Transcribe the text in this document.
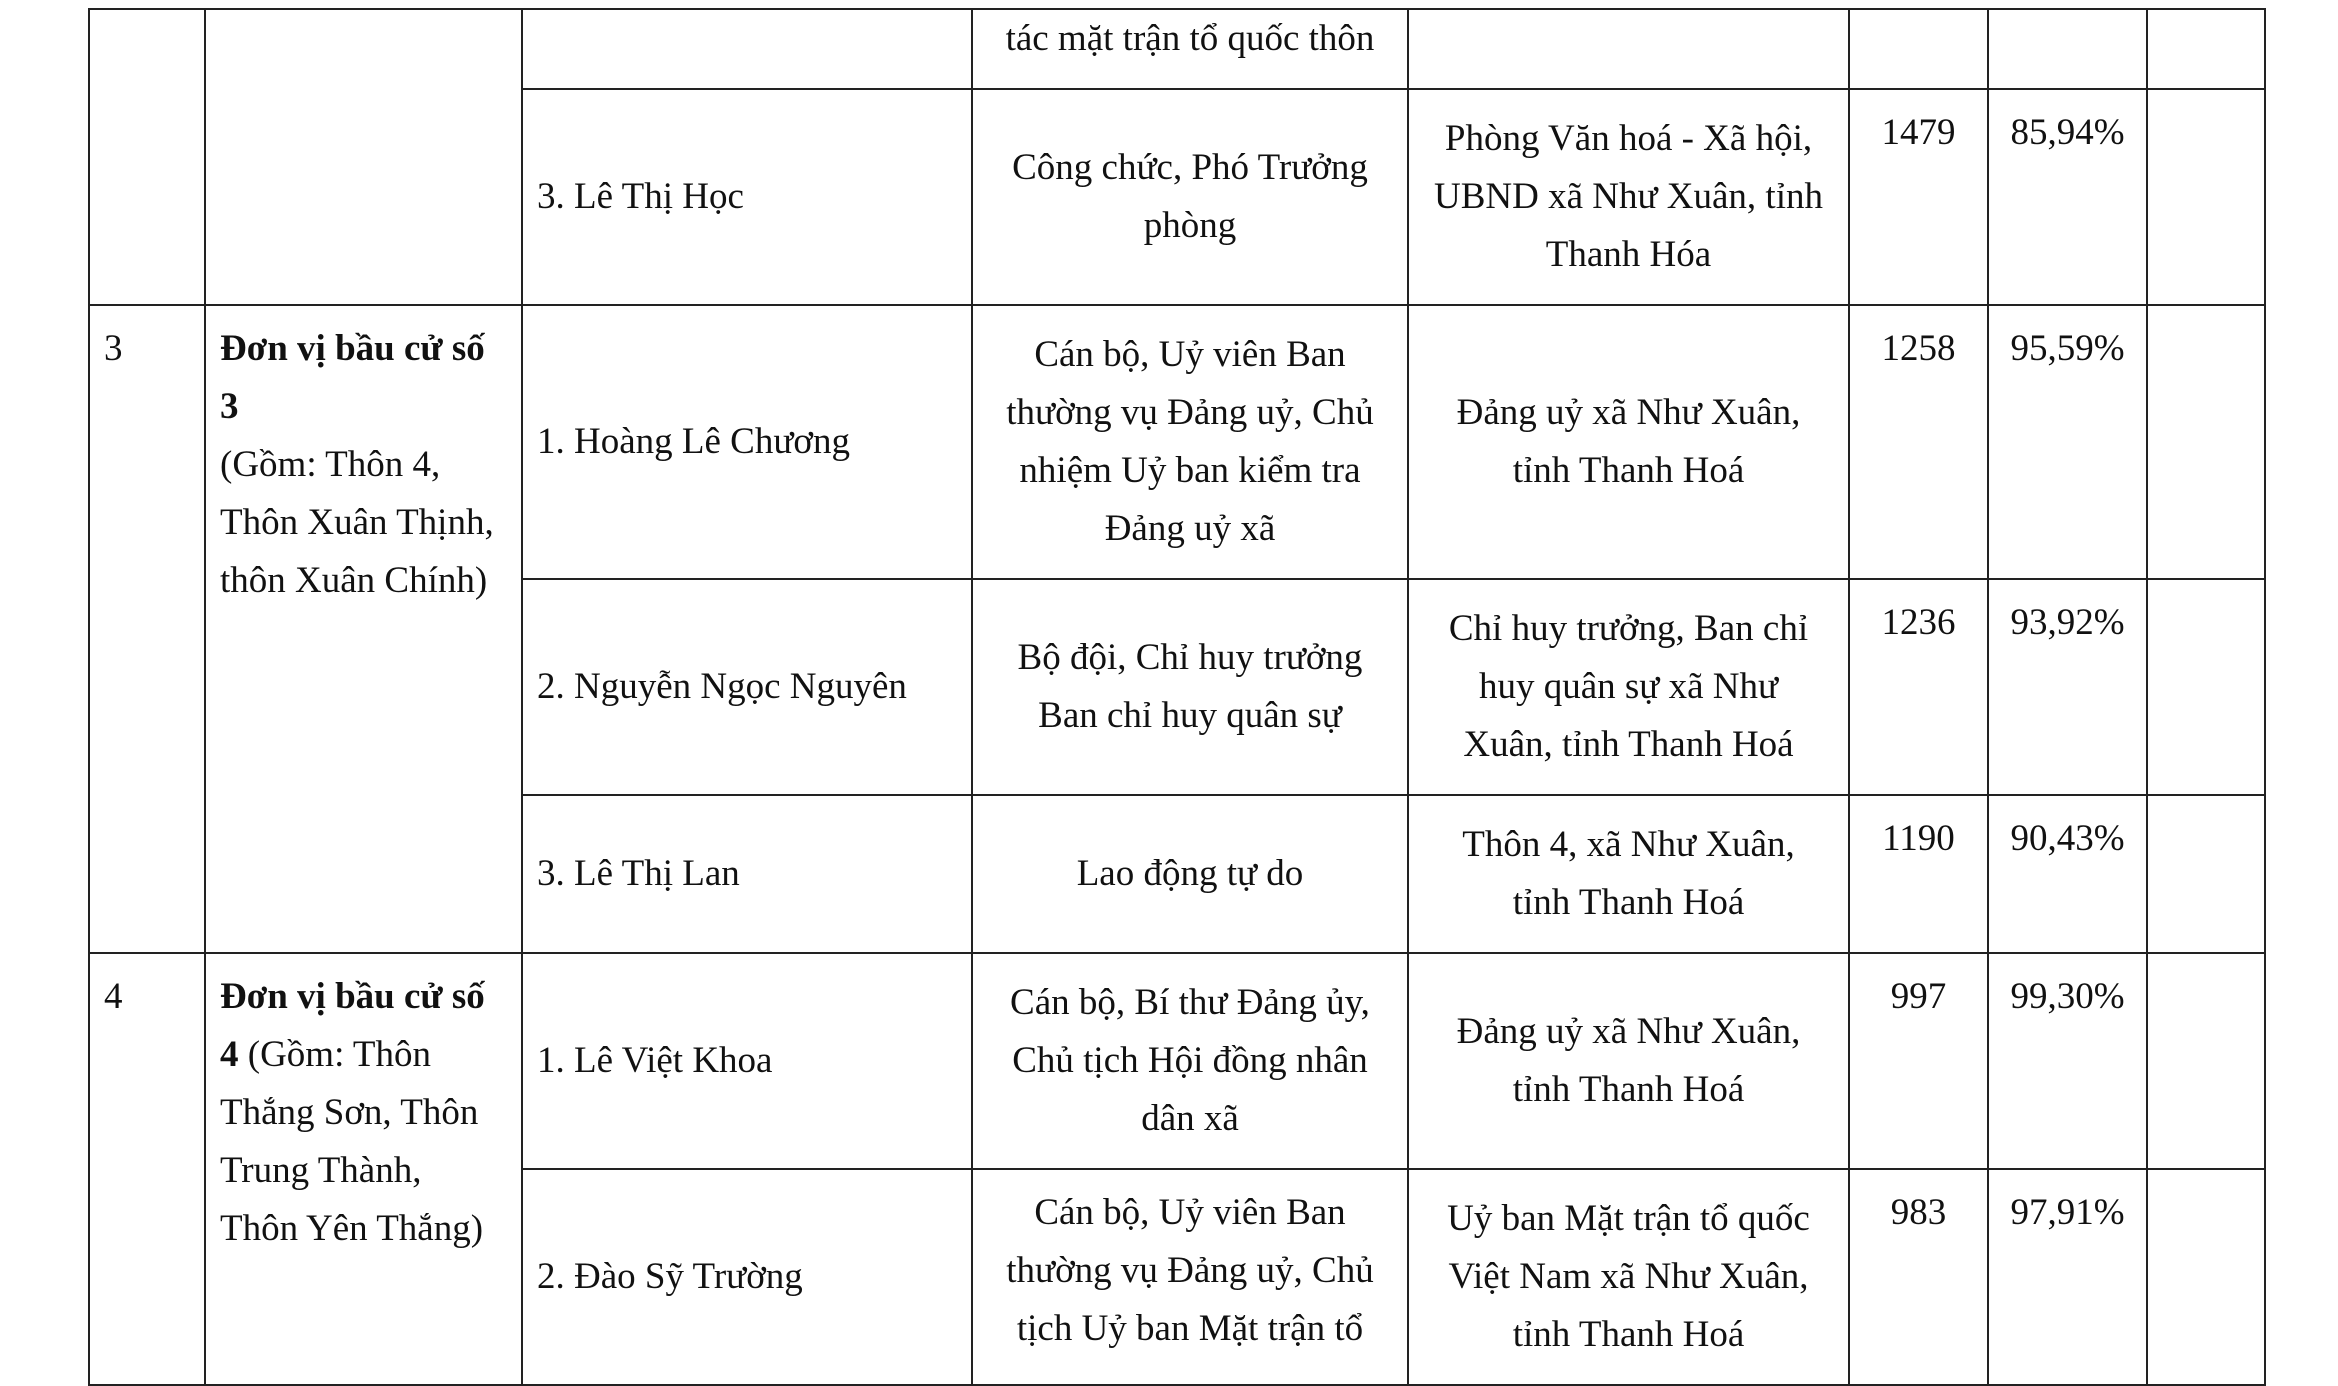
			tác mặt trận tổ quốc thôn				

		3. Lê Thị Học	Công chức, Phó Trưởng
phòng	Phòng Văn hoá - Xã hội,
UBND xã Như Xuân, tỉnh
Thanh Hóa	1479	85,94%	
3	Đơn vị bầu cử số
3
(Gồm: Thôn 4,
Thôn Xuân Thịnh,
thôn Xuân Chính)	1. Hoàng Lê Chương	Cán bộ, Uỷ viên Ban
thường vụ Đảng uỷ, Chủ
nhiệm Uỷ ban kiểm tra
Đảng uỷ xã	Đảng uỷ xã Như Xuân,
tỉnh Thanh Hoá	1258	95,59%	

		2. Nguyễn Ngọc Nguyên	Bộ đội, Chỉ huy trưởng
Ban chỉ huy quân sự	Chỉ huy trưởng, Ban chỉ
huy quân sự xã Như
Xuân, tỉnh Thanh Hoá	1236	93,92%	

		3. Lê Thị Lan	Lao động tự do	Thôn 4, xã Như Xuân,
tỉnh Thanh Hoá	1190	90,43%	
4	Đơn vị bầu cử số
4 (Gồm: Thôn
Thắng Sơn, Thôn
Trung Thành,
Thôn Yên Thắng)	1. Lê Việt Khoa	Cán bộ, Bí thư Đảng ủy,
Chủ tịch Hội đồng nhân
dân xã	Đảng uỷ xã Như Xuân,
tỉnh Thanh Hoá	997	99,30%	

		2. Đào Sỹ Trường	Cán bộ, Uỷ viên Ban
thường vụ Đảng uỷ, Chủ
tịch Uỷ ban Mặt trận tổ	Uỷ ban Mặt trận tổ quốc
Việt Nam xã Như Xuân,
tỉnh Thanh Hoá	983	97,91%	
